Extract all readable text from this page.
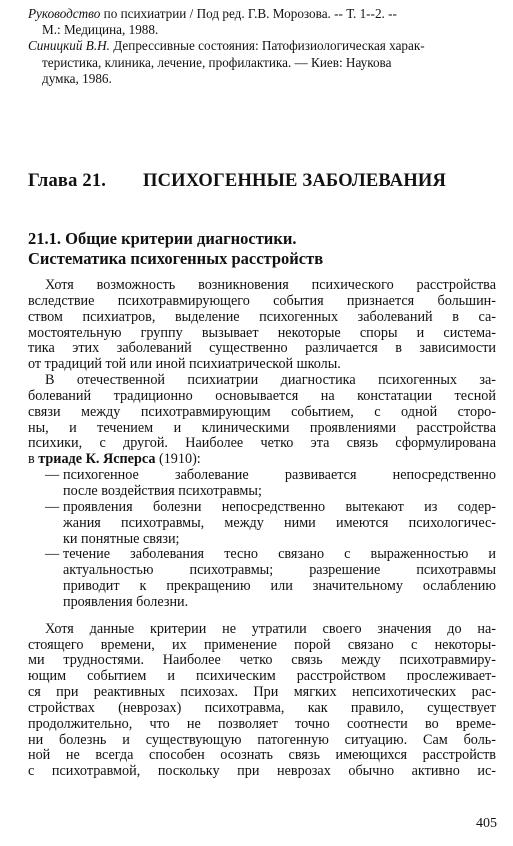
Руководство по психиатрии / Под ред. Г.В. Морозова. -- Т. 1--2. --
М.: Медицина, 1988.

Синицкий В.Н. Депрессивные состояния: Патофизиологическая харак-
теристика, клиника, лечение, профилактика. — Киев: Наукова
думка, 1986.

Глава 21. ПСИХОГЕННЫЕ ЗАБОЛЕВАНИЯ
21.1. Общие критерии диагностики.
Систематика психогенных расстройств
Хотя возможность возникновения психического расстройства
вследствие психотравмирующего события признается большин-
ством психиатров, выделение психогенных заболеваний в са-
мостоятельную группу вызывает некоторые споры и система-
тика этих заболеваний существенно различается в зависимости
от традиций той или иной психиатрической школы.
В отечественной психиатрии диагностика психогенных за-
болеваний традиционно основывается на констатации тесной
связи между психотравмирующим событием, с одной сторо-
ны, и течением и клиническими проявлениями расстройства
психики, с другой. Наиболее четко эта связь сформулирована
в триаде К. Ясперса (1910):
— психогенное заболевание развивается непосредственно
после воздействия психотравмы;
— проявления болезни непосредственно вытекают из содер-
жания психотравмы, между ними имеются психологичес-
ки понятные связи;
— течение заболевания тесно связано с выраженностью и
актуальностью психотравмы; разрешение психотравмы
приводит к прекращению или значительному ослаблению
проявления болезни.
Хотя данные критерии не утратили своего значения до на-
стоящего времени, их применение порой связано с некоторы-
ми трудностями. Наиболее четко связь между психотравмиру-
ющим событием и психическим расстройством прослеживает-
ся при реактивных психозах. При мягких непсихотических рас-
стройствах (неврозах) психотравма, как правило, существует
продолжительно, что не позволяет точно соотнести во време-
ни болезнь и существующую патогенную ситуацию. Сам боль-
ной не всегда способен осознать связь имеющихся расстройств
с психотравмой, поскольку при неврозах обычно активно ис-
405
